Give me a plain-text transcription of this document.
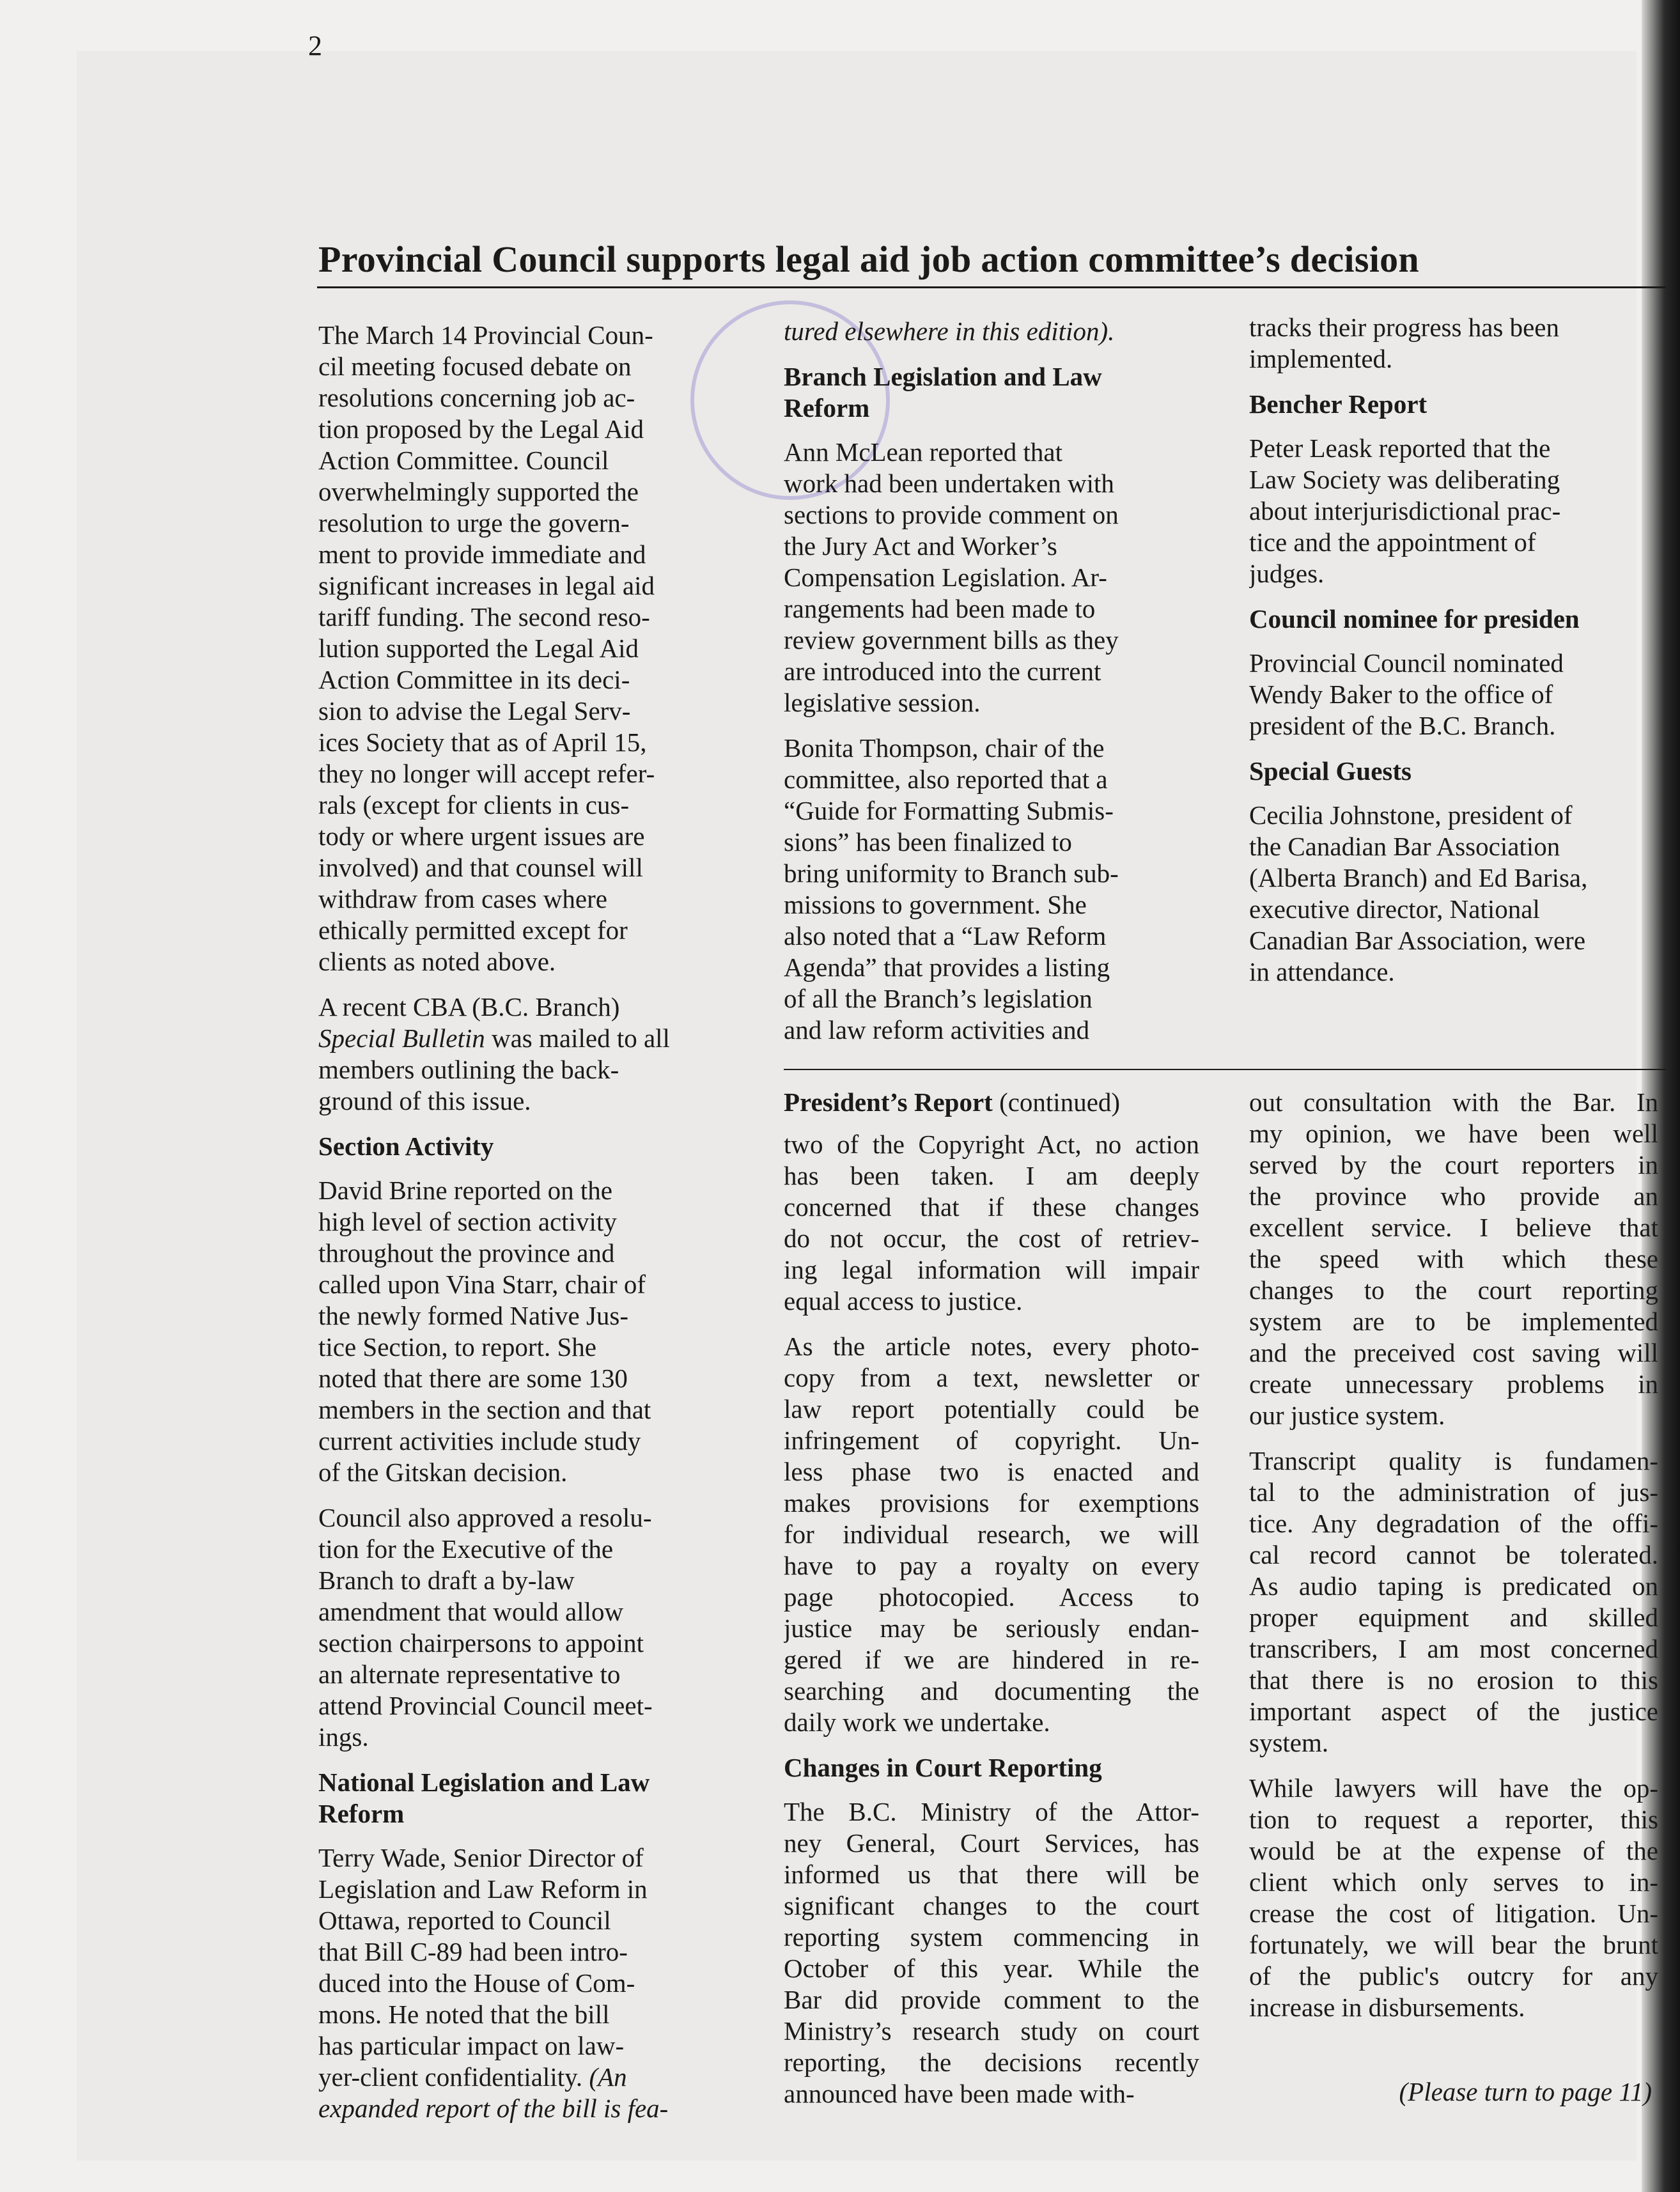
2
Provincial Council supports legal aid job action committee’s decision

The March 14 Provincial Coun-
cil meeting focused debate on
resolutions concerning job ac-
tion proposed by the Legal Aid
Action Committee. Council
overwhelmingly supported the
resolution to urge the govern-
ment to provide immediate and
significant increases in legal aid
tariff funding. The second reso-
lution supported the Legal Aid
Action Committee in its deci-
sion to advise the Legal Serv-
ices Society that as of April 15,
they no longer will accept refer-
rals (except for clients in cus-
tody or where urgent issues are
involved) and that counsel will
withdraw from cases where
ethically permitted except for
clients as noted above.

A recent CBA (B.C. Branch)
Special Bulletin was mailed to all
members outlining the back-
ground of this issue.

Section Activity

David Brine reported on the
high level of section activity
throughout the province and
called upon Vina Starr, chair of
the newly formed Native Jus-
tice Section, to report. She
noted that there are some 130
members in the section and that
current activities include study
of the Gitskan decision.

Council also approved a resolu-
tion for the Executive of the
Branch to draft a by-law
amendment that would allow
section chairpersons to appoint
an alternate representative to
attend Provincial Council meet-
ings.

National Legislation and Law
Reform

Terry Wade, Senior Director of
Legislation and Law Reform in
Ottawa, reported to Council
that Bill C-89 had been intro-
duced into the House of Com-
mons. He noted that the bill
has particular impact on law-
yer-client confidentiality. (An
expanded report of the bill is fea-

tured elsewhere in this edition).

Branch Legislation and Law
Reform

Ann McLean reported that
work had been undertaken with
sections to provide comment on
the Jury Act and Worker’s
Compensation Legislation. Ar-
rangements had been made to
review government bills as they
are introduced into the current
legislative session.

Bonita Thompson, chair of the
committee, also reported that a
“Guide for Formatting Submis-
sions” has been finalized to
bring uniformity to Branch sub-
missions to government. She
also noted that a “Law Reform
Agenda” that provides a listing
of all the Branch’s legislation
and law reform activities and

tracks their progress has been
implemented.

Bencher Report

Peter Leask reported that the
Law Society was deliberating
about interjurisdictional prac-
tice and the appointment of
judges.

Council nominee for presiden

Provincial Council nominated
Wendy Baker to the office of
president of the B.C. Branch.

Special Guests

Cecilia Johnstone, president of
the Canadian Bar Association
(Alberta Branch) and Ed Barisa,
executive director, National
Canadian Bar Association, were
in attendance.

President’s Report (continued)

two of the Copyright Act, no action
has been taken. I am deeply
concerned that if these changes
do not occur, the cost of retriev-
ing legal information will impair
equal access to justice.

As the article notes, every photo-
copy from a text, newsletter or
law report potentially could be
infringement of copyright. Un-
less phase two is enacted and
makes provisions for exemptions
for individual research, we will
have to pay a royalty on every
page photocopied. Access to
justice may be seriously endan-
gered if we are hindered in re-
searching and documenting the
daily work we undertake.

Changes in Court Reporting

The B.C. Ministry of the Attor-
ney General, Court Services, has
informed us that there will be
significant changes to the court
reporting system commencing in
October of this year. While the
Bar did provide comment to the
Ministry’s research study on court
reporting, the decisions recently
announced have been made with-

out consultation with the Bar. In
my opinion, we have been well
served by the court reporters in
the province who provide an
excellent service. I believe that
the speed with which these
changes to the court reporting
system are to be implemented
and the preceived cost saving will
create unnecessary problems in
our justice system.

Transcript quality is fundamen-
tal to the administration of jus-
tice. Any degradation of the offi-
cal record cannot be tolerated.
As audio taping is predicated on
proper equipment and skilled
transcribers, I am most concerned
that there is no erosion to this
important aspect of the justice
system.

While lawyers will have the op-
tion to request a reporter, this
would be at the expense of the
client which only serves to in-
crease the cost of litigation. Un-
fortunately, we will bear the brunt
of the public's outcry for any
increase in disbursements.

(Please turn to page 11)
